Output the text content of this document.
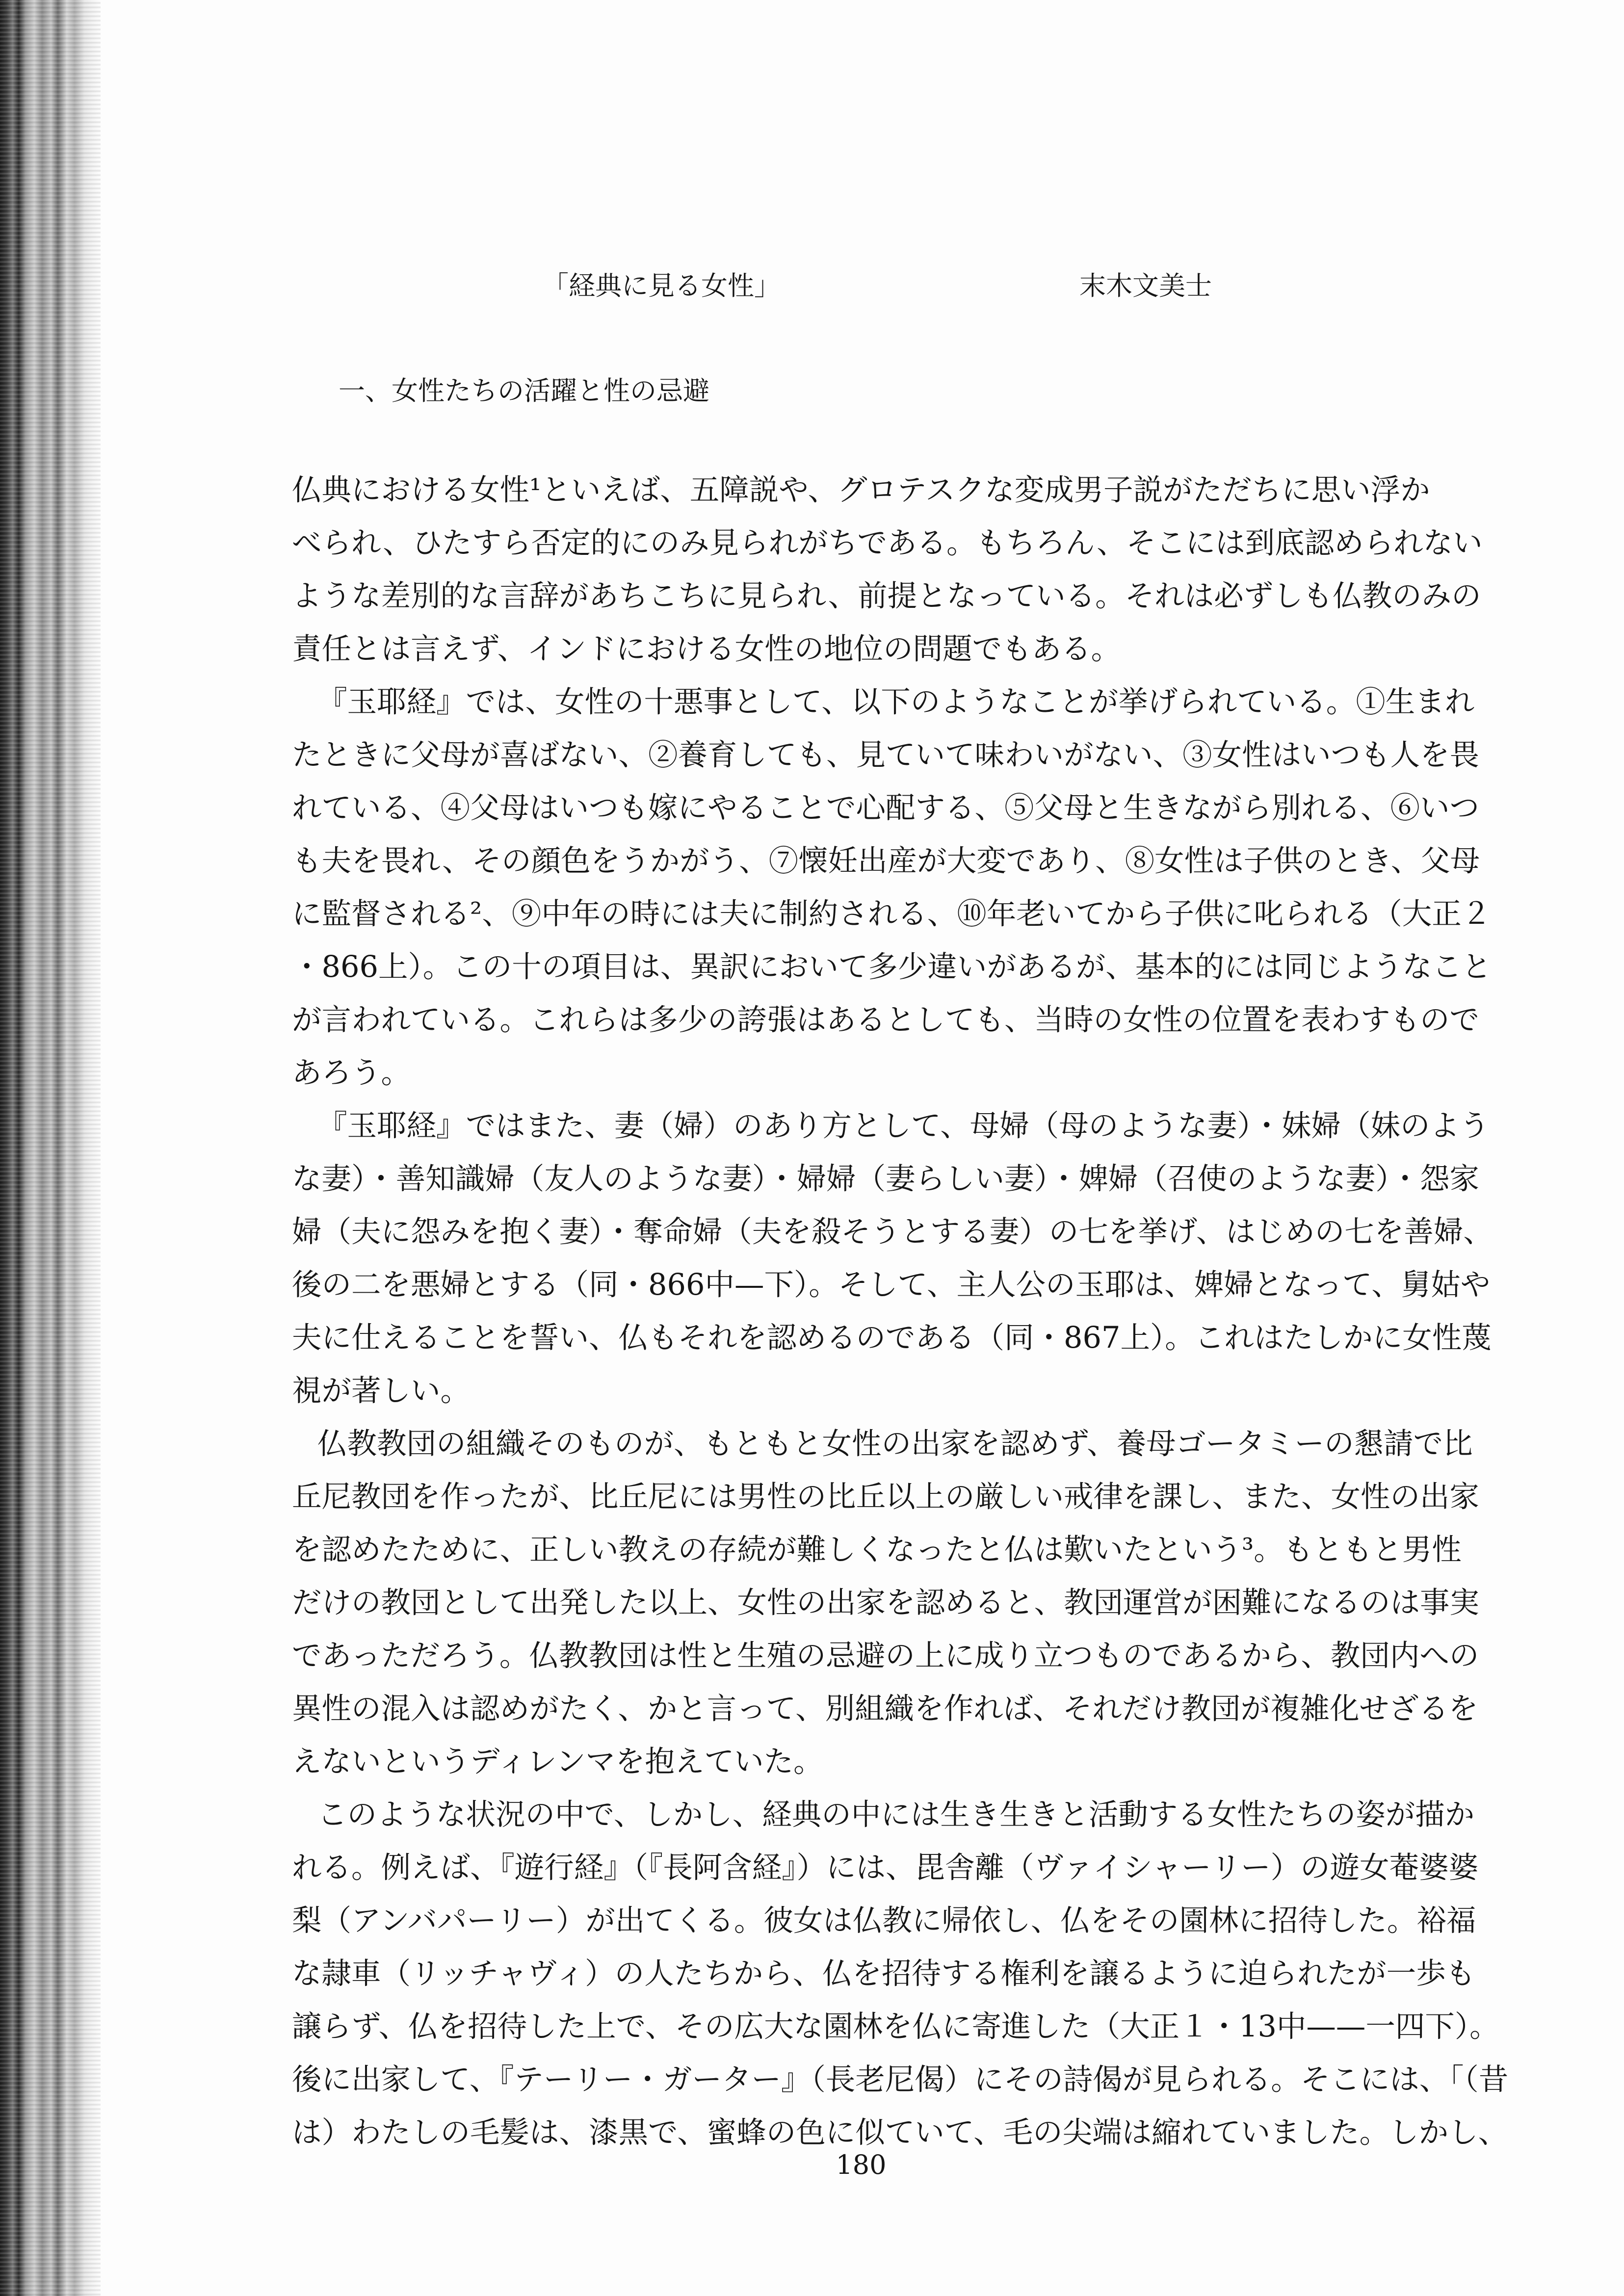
「経典に見る女性」	末木文美士
一、女性たちの活躍と性の忌避
仏典における女性¹といえば、五障説や、グロテスクな変成男子説がただちに思い浮か
べられ、ひたすら否定的にのみ見られがちである。もちろん、そこには到底認められない
ような差別的な言辞があちこちに見られ、前提となっている。それは必ずしも仏教のみの
責任とは言えず、インドにおける女性の地位の問題でもある。
『玉耶経』では、女性の十悪事として、以下のようなことが挙げられている。①生まれ
たときに父母が喜ばない、②養育しても、見ていて味わいがない、③女性はいつも人を畏
れている、④父母はいつも嫁にやることで心配する、⑤父母と生きながら別れる、⑥いつ
も夫を畏れ、その顔色をうかがう、⑦懐妊出産が大変であり、⑧女性は子供のとき、父母
に監督される²、⑨中年の時には夫に制約される、⑩年老いてから子供に叱られる（大正２
・866上）。この十の項目は、異訳において多少違いがあるが、基本的には同じようなこと
が言われている。これらは多少の誇張はあるとしても、当時の女性の位置を表わすもので
あろう。
『玉耶経』ではまた、妻（婦）のあり方として、母婦（母のような妻）・妹婦（妹のよう
な妻）・善知識婦（友人のような妻）・婦婦（妻らしい妻）・婢婦（召使のような妻）・怨家
婦（夫に怨みを抱く妻）・奪命婦（夫を殺そうとする妻）の七を挙げ、はじめの七を善婦、
後の二を悪婦とする（同・866中—下）。そして、主人公の玉耶は、婢婦となって、舅姑や
夫に仕えることを誓い、仏もそれを認めるのである（同・867上）。これはたしかに女性蔑
視が著しい。
仏教教団の組織そのものが、もともと女性の出家を認めず、養母ゴータミーの懇請で比
丘尼教団を作ったが、比丘尼には男性の比丘以上の厳しい戒律を課し、また、女性の出家
を認めたために、正しい教えの存続が難しくなったと仏は歎いたという³。もともと男性
だけの教団として出発した以上、女性の出家を認めると、教団運営が困難になるのは事実
であっただろう。仏教教団は性と生殖の忌避の上に成り立つものであるから、教団内への
異性の混入は認めがたく、かと言って、別組織を作れば、それだけ教団が複雑化せざるを
えないというディレンマを抱えていた。
このような状況の中で、しかし、経典の中には生き生きと活動する女性たちの姿が描か
れる。例えば、『遊行経』（『長阿含経』）には、毘舎離（ヴァイシャーリー）の遊女菴婆婆
梨（アンバパーリー）が出てくる。彼女は仏教に帰依し、仏をその園林に招待した。裕福
な隷車（リッチャヴィ）の人たちから、仏を招待する権利を譲るように迫られたが一歩も
譲らず、仏を招待した上で、その広大な園林を仏に寄進した（大正１・13中——一四下）。
後に出家して、『テーリー・ガーター』（長老尼偈）にその詩偈が見られる。そこには、「（昔
は）わたしの毛髪は、漆黒で、蜜蜂の色に似ていて、毛の尖端は縮れていました。しかし、
180
